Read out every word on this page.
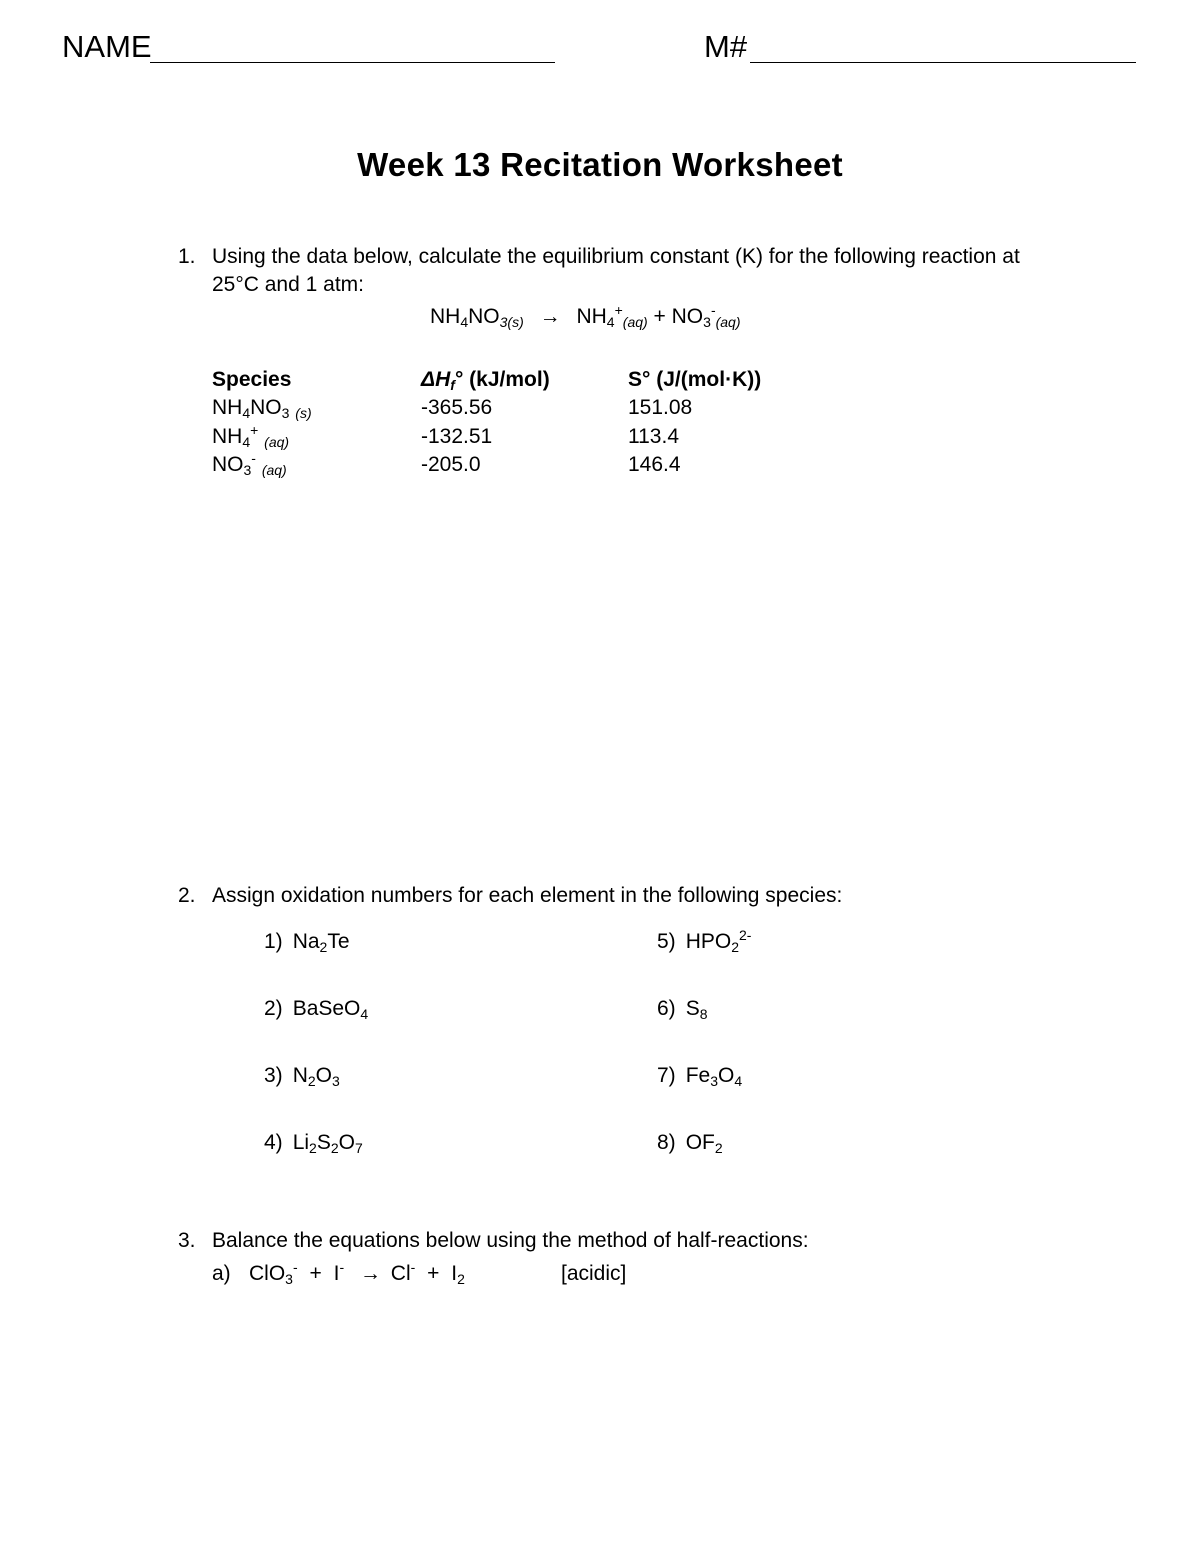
NAME	M#
Week 13 Recitation Worksheet
1. Using the data below, calculate the equilibrium constant (K) for the following reaction at
25°C and 1 atm:
$NH_4NO_{3(s)} \to NH_4^+_{(aq)} + NO_3^-_{(aq)}$
Species	$\Delta H_f^\circ$ (kJ/mol)	S° (J/(mol·K))
$NH_4NO_3$ $_{(s)}$	-365.56	151.08
$NH_4^+$ $_{(aq)}$	-132.51	113.4
$NO_3^-$ $_{(aq)}$	-205.0	146.4
2. Assign oxidation numbers for each element in the following species:
1) $Na_2Te$
2) BaSeO$_4$
3) $N_2O_3$
4) $Li_2S_2O_7$
5) $HPO_2^{2-}$
6) $S_8$
7) $Fe_3O_4$
8) $OF_2$
3. Balance the equations below using the method of half-reactions:
a) $ClO_3^- + I^- \to Cl^- + I_2$	[acidic]
